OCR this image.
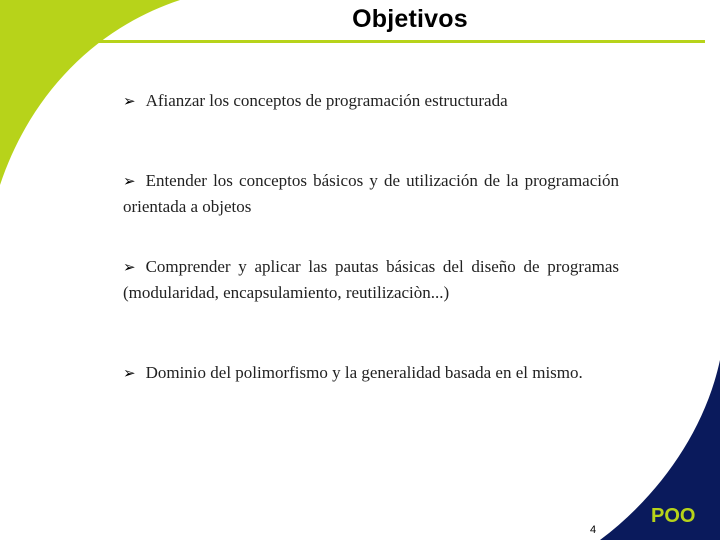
Objetivos
➢ Afianzar los conceptos de programación estructurada
➢ Entender los conceptos básicos y de utilización de la programación orientada a objetos
➢ Comprender y aplicar las pautas básicas del diseño de programas (modularidad, encapsulamiento, reutilizaciòn...)
➢ Dominio del polimorfismo y la generalidad basada en el mismo.
4
POO
